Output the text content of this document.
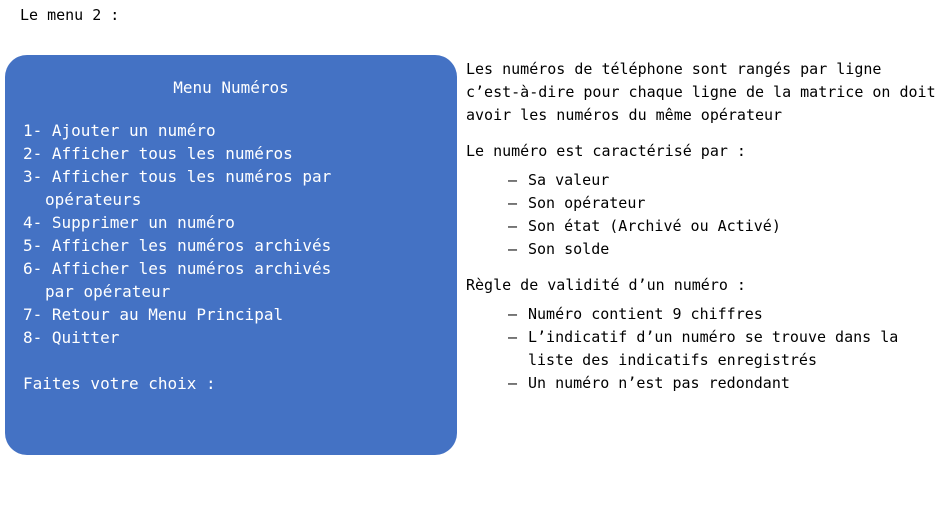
Le menu 2 :
Menu Numéros
1- Ajouter un numéro
2- Afficher tous les numéros
3- Afficher tous les numéros par
opérateurs
4- Supprimer un numéro
5- Afficher les numéros archivés
6- Afficher les numéros archivés
par opérateur
7- Retour au Menu Principal
8- Quitter
Faites votre choix :

Les numéros de téléphone sont rangés par ligne c’est-à-dire pour chaque ligne de la matrice on doit avoir les numéros du même opérateur

Le numéro est caractérisé par :

– Sa valeur
– Son opérateur
– Son état (Archivé ou Activé)
– Son solde

Règle de validité d’un numéro :

– Numéro contient 9 chiffres
– L’indicatif d’un numéro se trouve dans la liste des indicatifs enregistrés
– Un numéro n’est pas redondant
